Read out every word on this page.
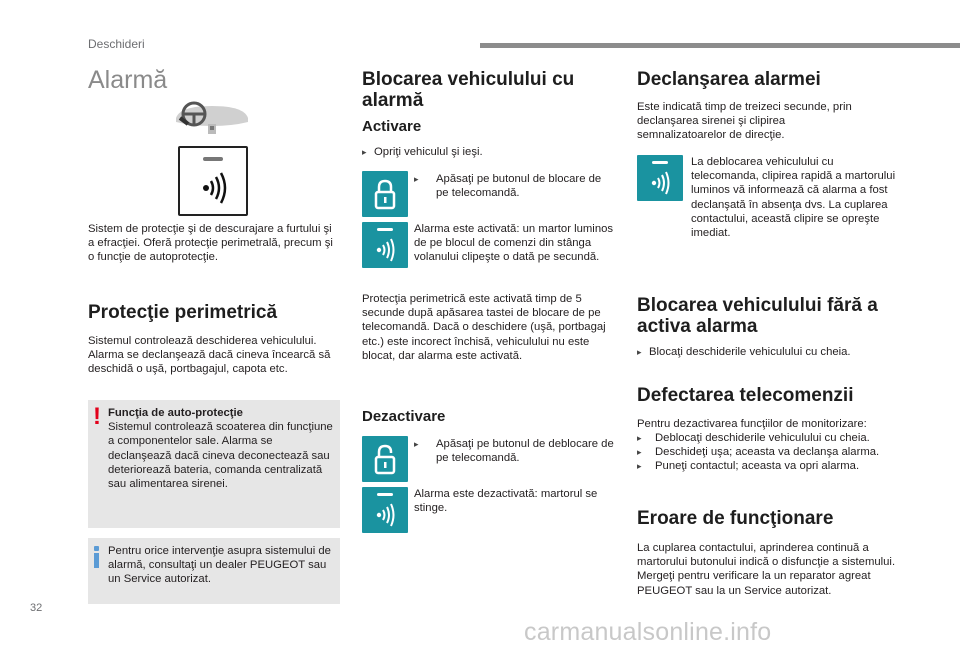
Deschideri
Alarmă

Sistem de protecţie şi de descurajare a furtului şi a efracţiei. Oferă protecţie perimetrală, precum şi o funcţie de autoprotecţie.

Protecţie perimetrică

Sistemul controlează deschiderea vehiculului. Alarma se declanşează dacă cineva încearcă să deschidă o uşă, portbagajul, capota etc.

! Funcţia de auto-protecţie

Sistemul controlează scoaterea din funcţiune a componentelor sale. Alarma se declanşează dacă cineva deconectează sau deteriorează bateria, comanda centralizată sau alimentarea sirenei.

Pentru orice intervenţie asupra sistemului de alarmă, consultaţi un dealer PEUGEOT sau un Service autorizat.

Blocarea vehiculului cu alarmă
Activare

▸ Opriţi vehiculul şi ieşi.

▸	Apăsaţi pe butonul de blocare de pe telecomandă.

Alarma este activată: un martor luminos de pe blocul de comenzi din stânga volanului clipeşte o dată pe secundă.

Protecţia perimetrică este activată timp de 5 secunde după apăsarea tastei de blocare de pe telecomandă. Dacă o deschidere (uşă, portbagaj etc.) este incorect închisă, vehiculului nu este blocat, dar alarma este activată.

Dezactivare

▸	Apăsaţi pe butonul de deblocare de pe telecomandă.

Alarma este dezactivată: martorul se stinge.

Declanşarea alarmei

Este indicată timp de treizeci secunde, prin declanşarea sirenei şi clipirea semnalizatoarelor de direcţie.

La deblocarea vehiculului cu telecomanda, clipirea rapidă a martorului luminos vă informează că alarma a fost declanşată în absenţa dvs. La cuplarea contactului, această clipire se opreşte imediat.

Blocarea vehiculului fără a activa alarma

▸ Blocaţi deschiderile vehiculului cu cheia.

Defectarea telecomenzii

Pentru dezactivarea funcţiilor de monitorizare:

▸	Deblocaţi deschiderile vehiculului cu cheia.

▸	Deschideţi uşa; aceasta va declanşa alarma.

▸	Puneţi contactul; aceasta va opri alarma.

Eroare de funcţionare

La cuplarea contactului, aprinderea continuă a martorului butonului indică o disfuncţie a sistemului. Mergeţi pentru verificare la un reparator agreat PEUGEOT sau la un Service autorizat.

32
carmanualsonline.info
